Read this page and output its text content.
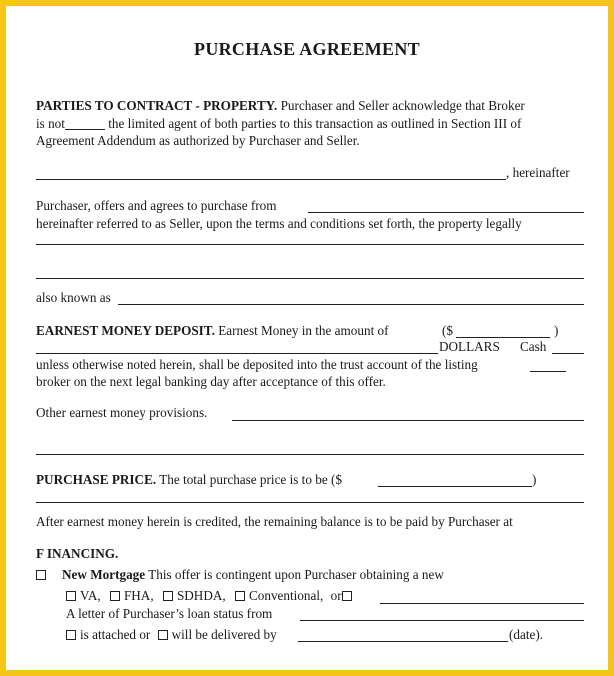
PURCHASE AGREEMENT
PARTIES TO CONTRACT - PROPERTY. Purchaser and Seller acknowledge that Broker
is not	the limited agent of both parties to this transaction as outlined in Section III of
Agreement Addendum as authorized by Purchaser and Seller.
, hereinafter
Purchaser, offers and agrees to purchase from
hereinafter referred to as Seller, upon the terms and conditions set forth, the property legally
also known as
EARNEST MONEY DEPOSIT. Earnest Money in the amount of	($	)
DOLLARS Cash
unless otherwise noted herein, shall be deposited into the trust account of the listing
broker on the next legal banking day after acceptance of this offer.
Other earnest money provisions.
PURCHASE PRICE. The total purchase price is to be ($	)
After earnest money herein is credited, the remaining balance is to be paid by Purchaser at
F INANCING.
New Mortgage This offer is contingent upon Purchaser obtaining a new
VA, FHA, SDHDA, Conventional, or
A letter of Purchaser’s loan status from
is attached or will be delivered by	(date).
